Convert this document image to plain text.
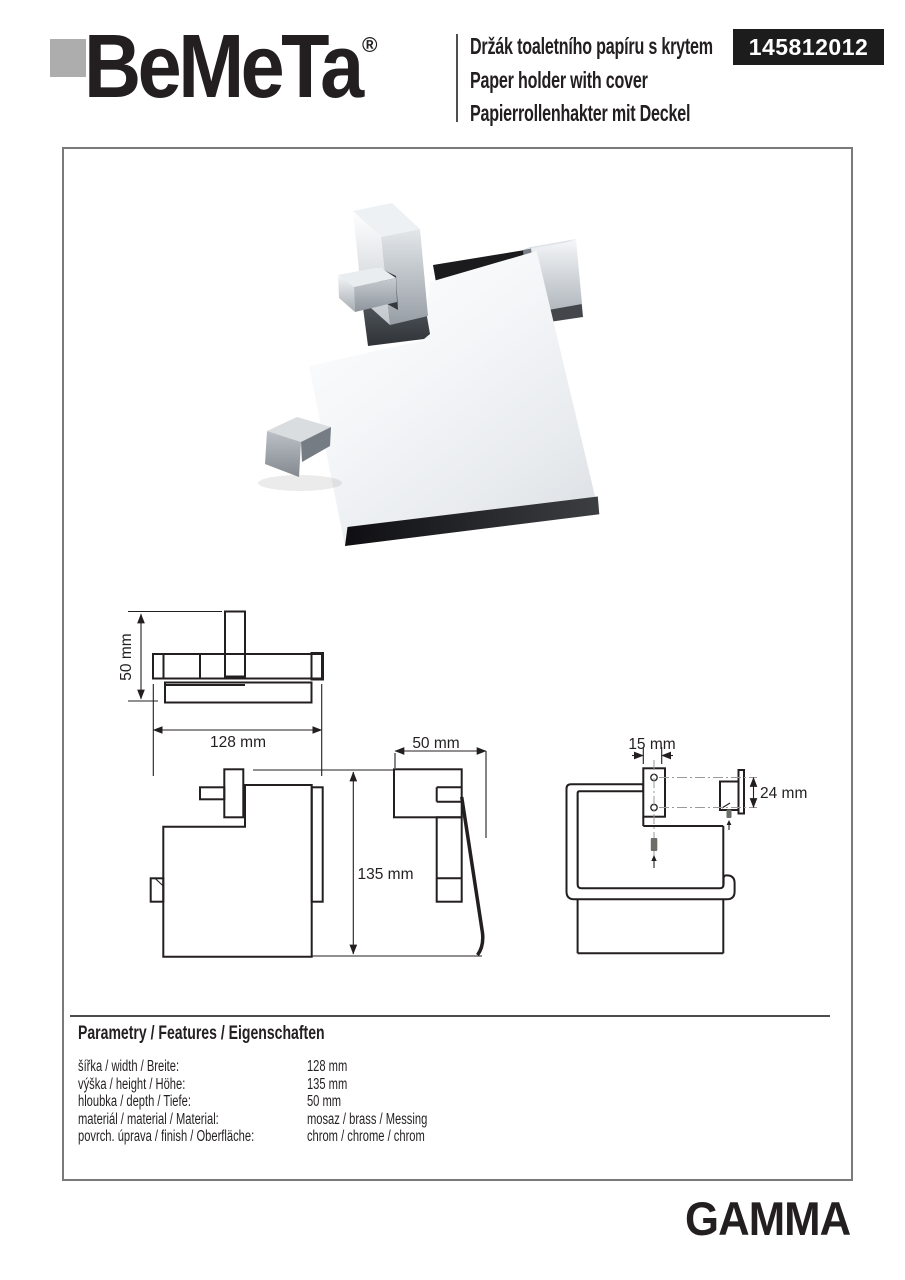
BeMeTa ®	Držák toaletního papíru s krytem
Paper holder with cover
Papierrollenhakter mit Deckel
145812012
50 mm
128 mm
135 mm
50 mm
24 mm
15 mm
Parametry / Features / Eigenschaften
šířka / width / Breite:	128 mm
výška / height / Höhe:	135 mm
hloubka / depth / Tiefe:	50 mm
materiál / material / Material:	mosaz / brass / Messing
povrch. úprava / finish / Oberfläche:	chrom / chrome / chrom
GAMMA
